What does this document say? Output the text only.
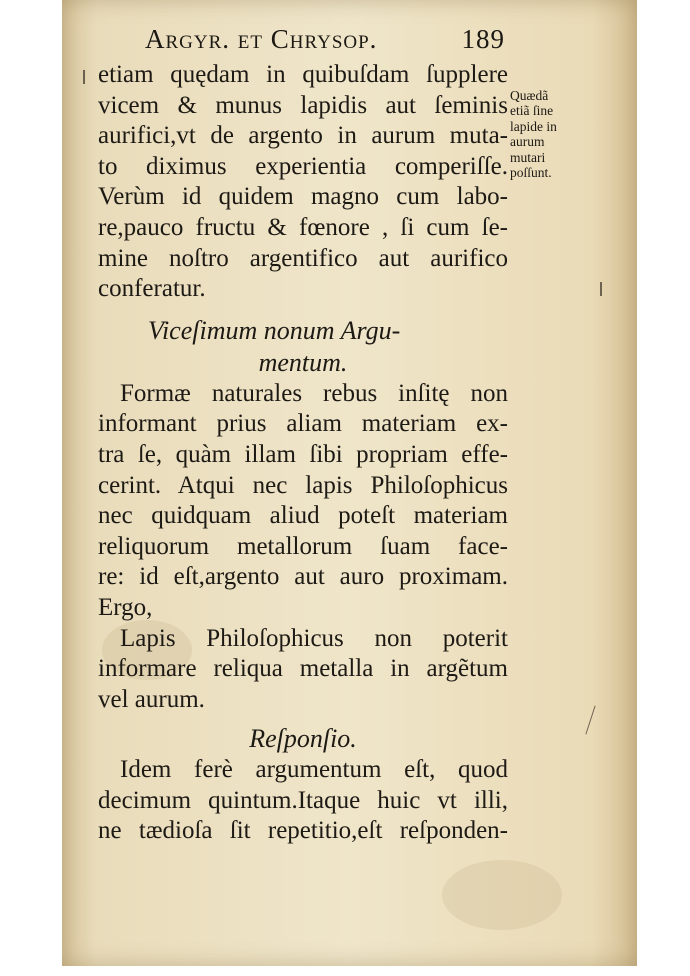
Argyr. et Chrysop.	189
etiam quędam in quibuſdam ſupplere
vicem & munus lapidis aut ſeminis
aurifici,vt de argento in aurum muta-
to diximus experientia comperiſſe.
Verùm id quidem magno cum labo-
re,pauco fructu & fœnore , ſi cum ſe-
mine noſtro argentifico aut aurifico
conferatur.
Viceſimum nonum Argu-
mentum.
Formæ naturales rebus inſitę non
informant prius aliam materiam ex-
tra ſe, quàm illam ſibi propriam effe-
cerint. Atqui nec lapis Philoſophicus
nec quidquam aliud poteſt materiam
reliquorum metallorum ſuam face-
re: id eſt,argento aut auro proximam.
Ergo,
Lapis Philoſophicus non poterit
informare reliqua metalla in argẽtum
vel aurum.
Reſponſio.
Idem ferè argumentum eſt, quod
decimum quintum.Itaque huic vt illi,
ne tædioſa ſit repetitio,eſt reſponden-
Quædã
etiã ſine
lapide in
aurum
mutari
poſſunt.
